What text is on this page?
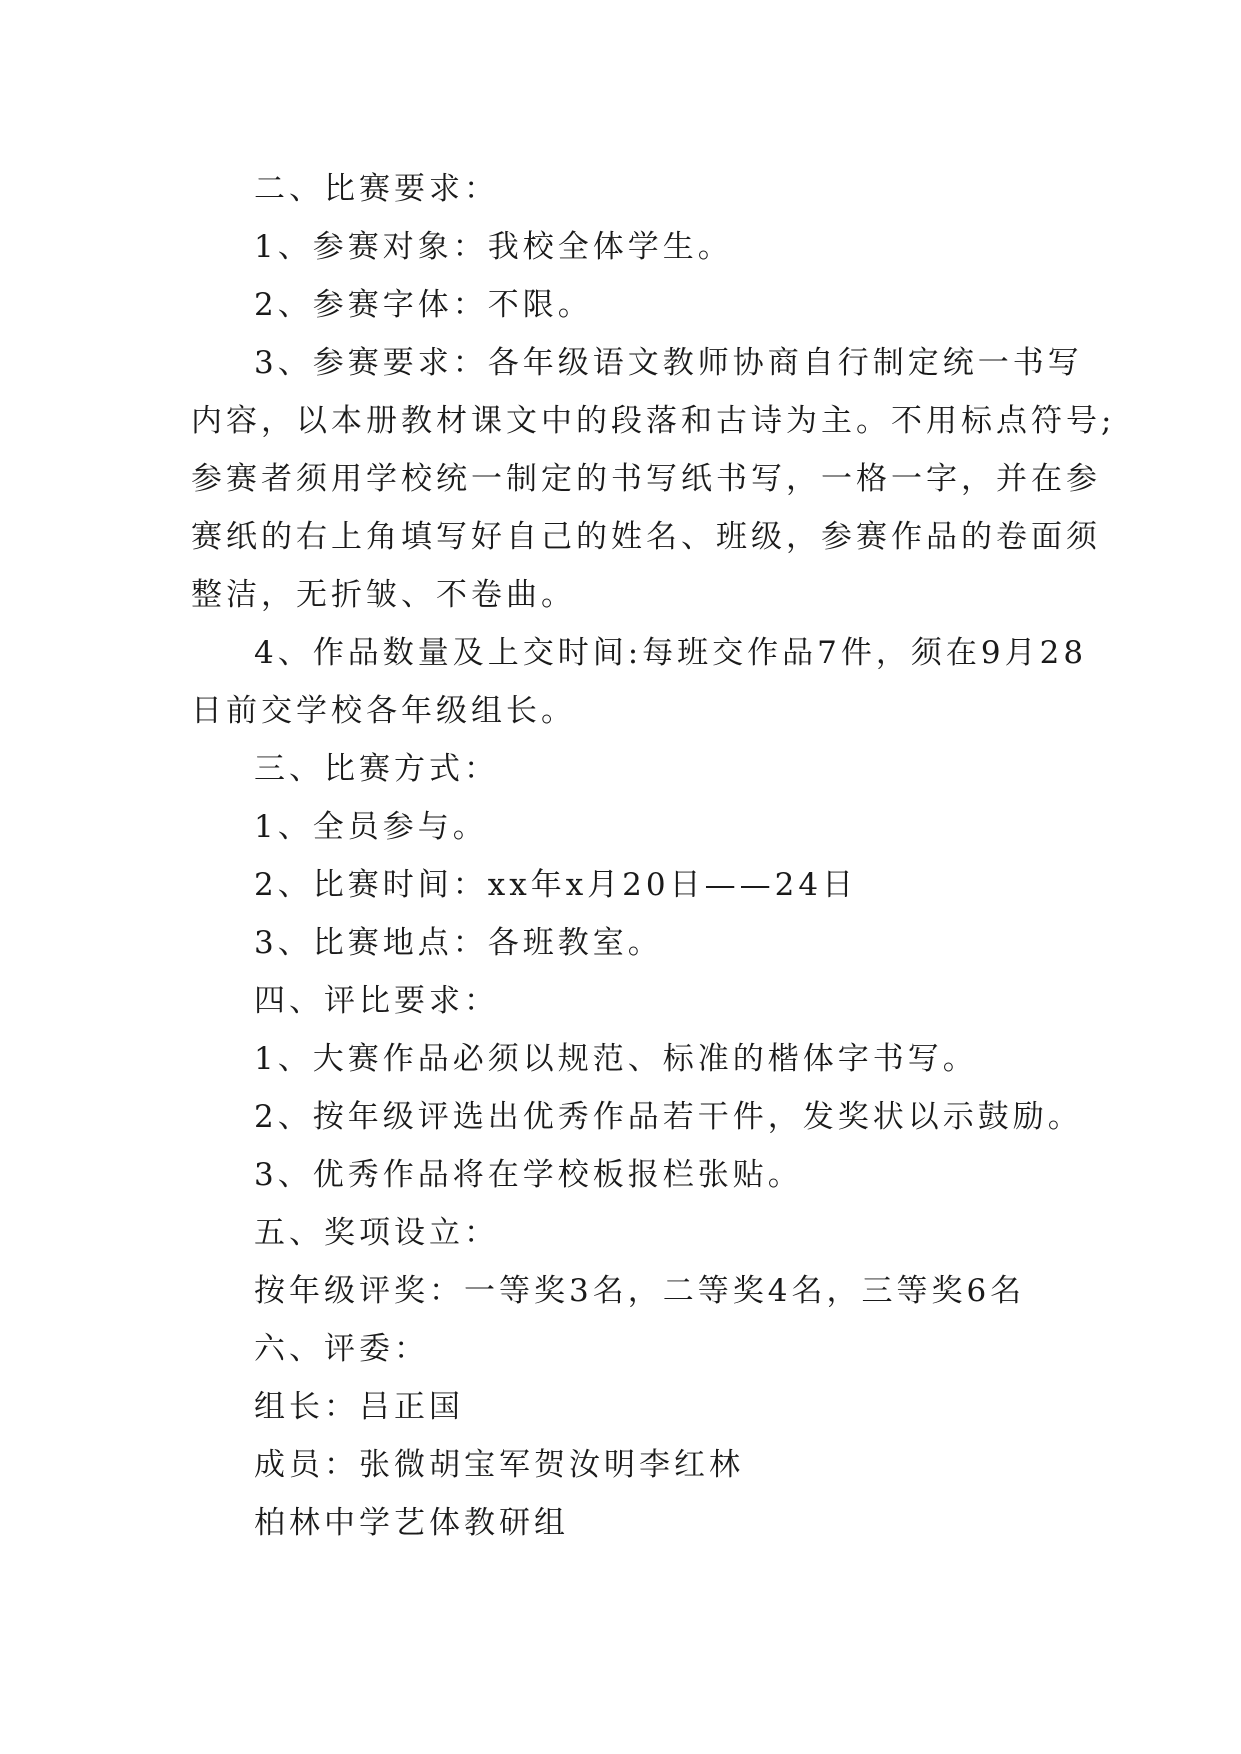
二、比赛要求：
1、参赛对象：我校全体学生。
2、参赛字体：不限。
3、参赛要求：各年级语文教师协商自行制定统一书写
内容，以本册教材课文中的段落和古诗为主。不用标点符号;
参赛者须用学校统一制定的书写纸书写，一格一字，并在参
赛纸的右上角填写好自己的姓名、班级，参赛作品的卷面须
整洁，无折皱、不卷曲。
4、作品数量及上交时间:每班交作品7件，须在9月28
日前交学校各年级组长。
三、比赛方式：
1、全员参与。
2、比赛时间：xx年x月20日——24日
3、比赛地点：各班教室。
四、评比要求：
1、大赛作品必须以规范、标准的楷体字书写。
2、按年级评选出优秀作品若干件，发奖状以示鼓励。
3、优秀作品将在学校板报栏张贴。
五、奖项设立：
按年级评奖：一等奖3名，二等奖4名，三等奖6名
六、评委：
组长：吕正国
成员：张微胡宝军贺汝明李红林
柏林中学艺体教研组
